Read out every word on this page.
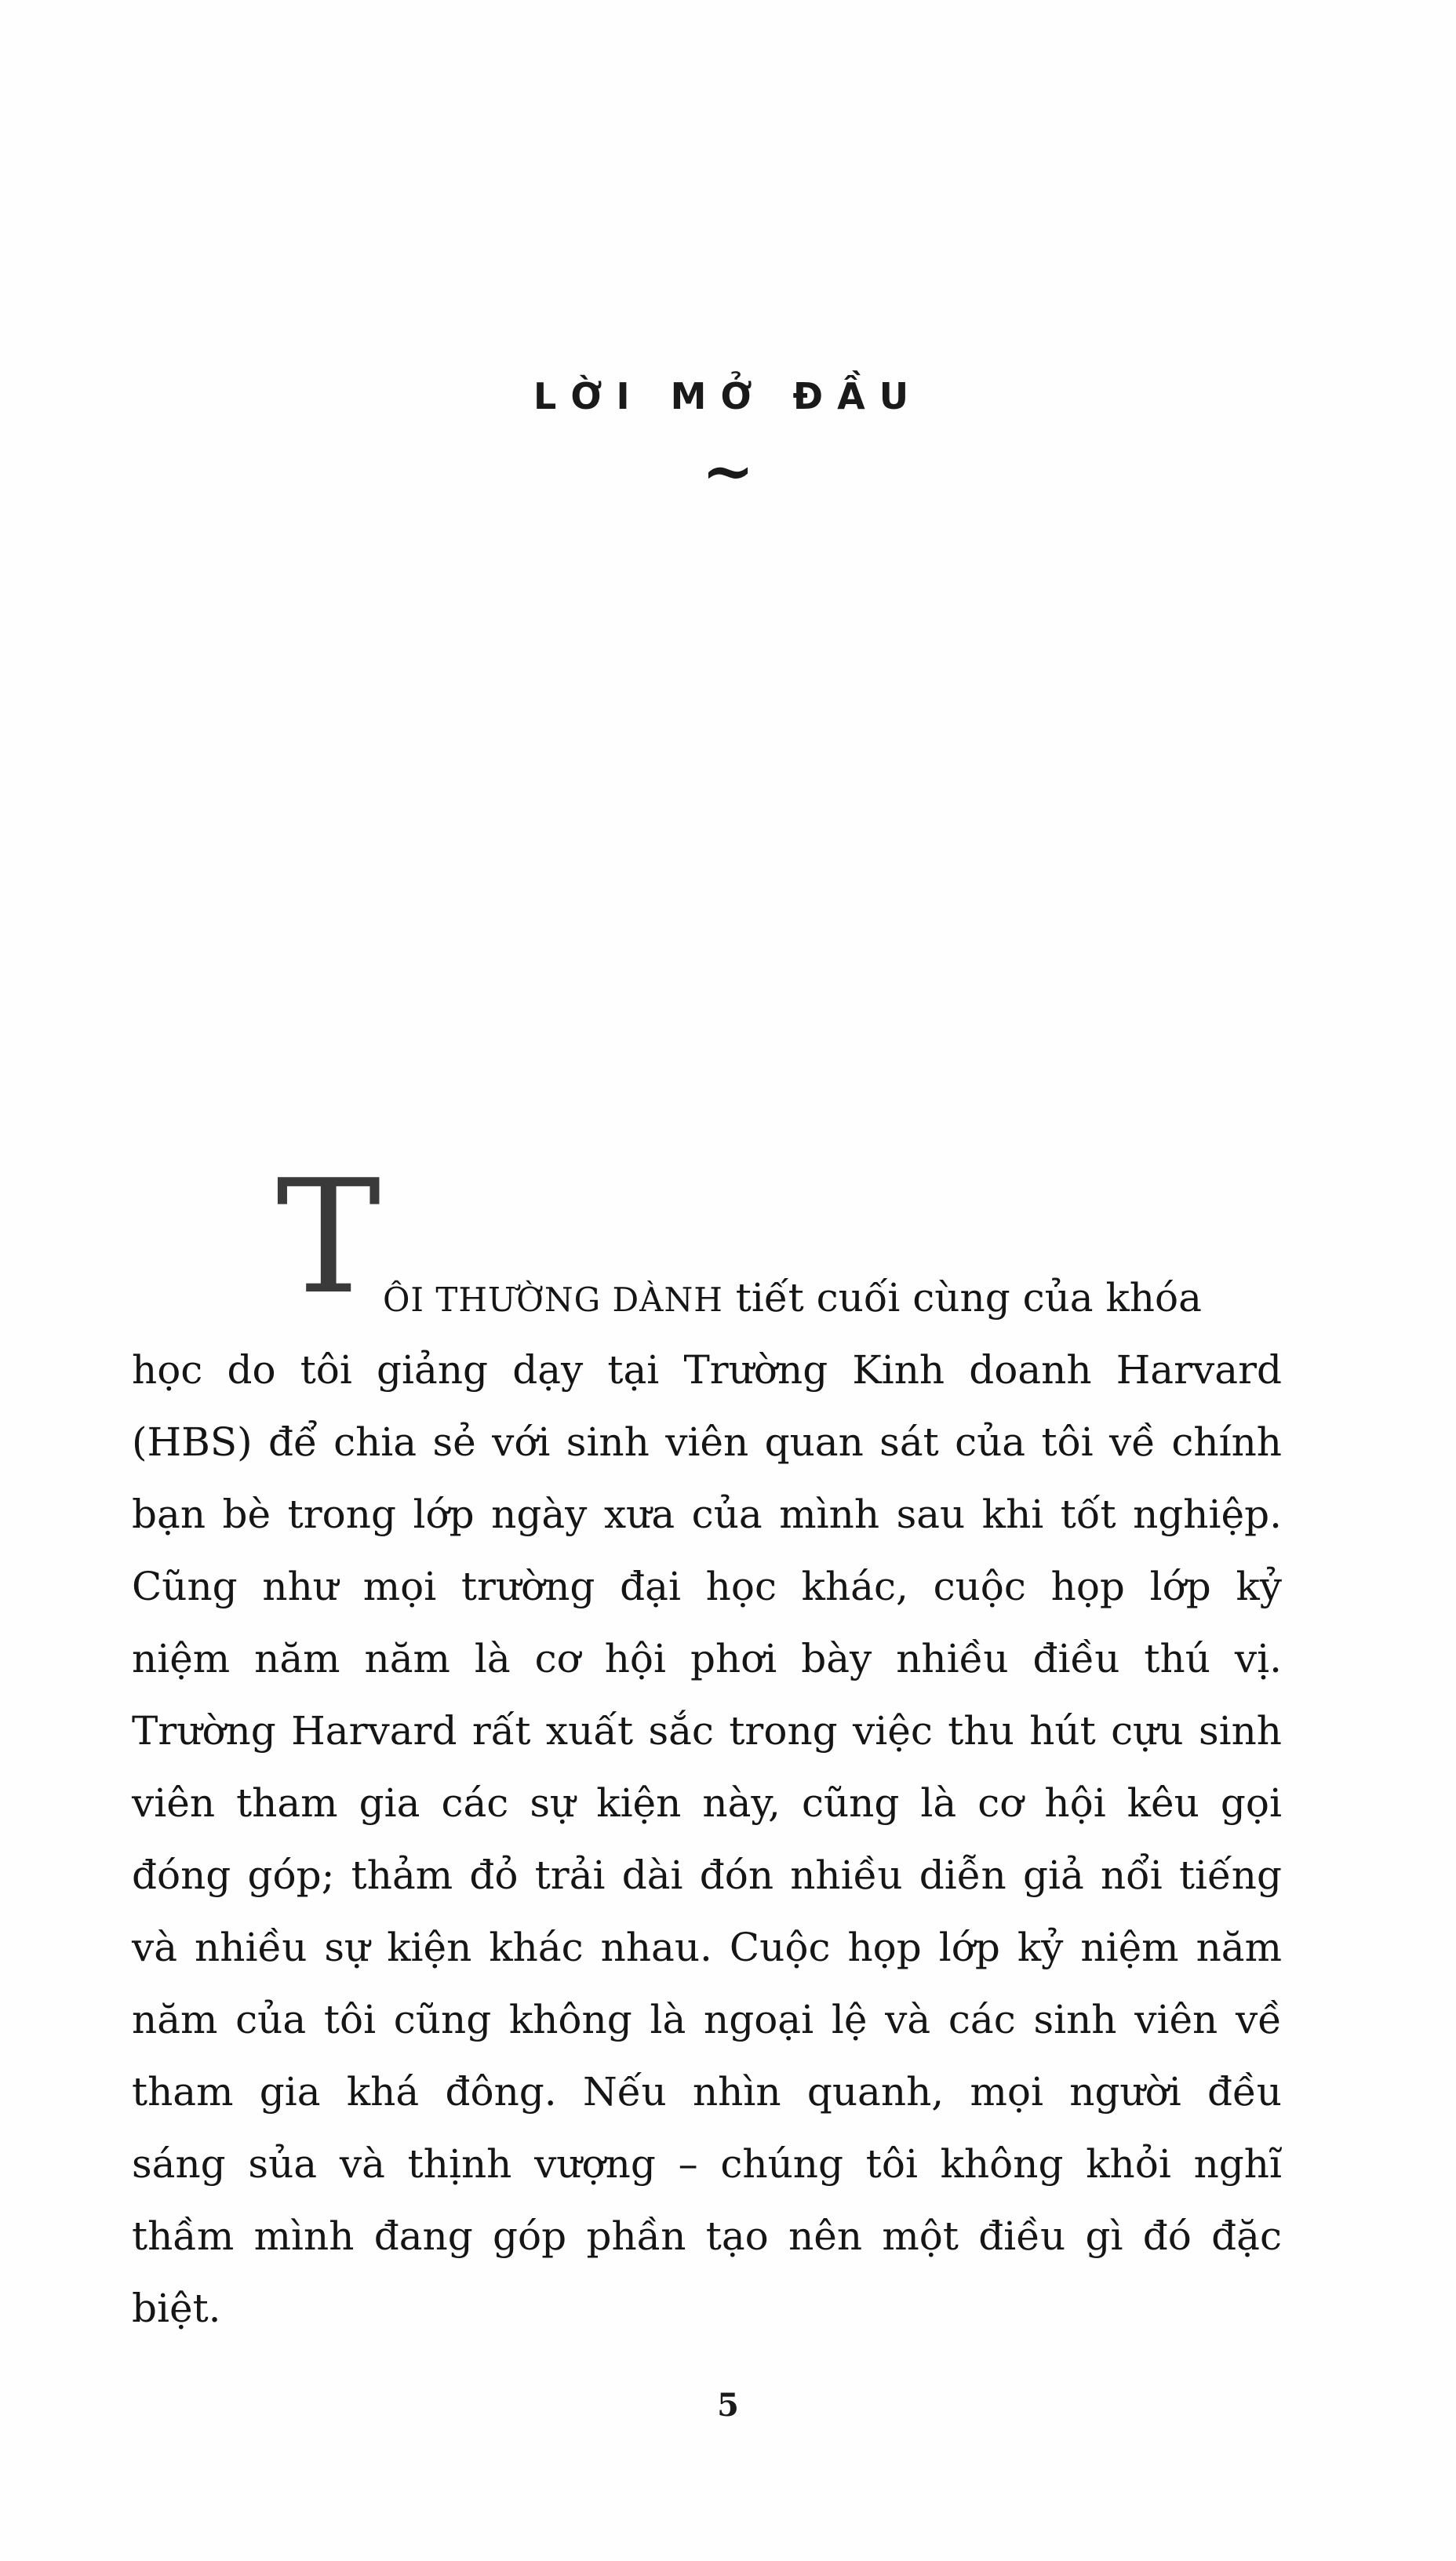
LỜI MỞ ĐẦU
~
T ÔI THƯỜNG DÀNH tiết cuối cùng của khóa
học do tôi giảng dạy tại Trường Kinh doanh Harvard
(HBS) để chia sẻ với sinh viên quan sát của tôi về chính
bạn bè trong lớp ngày xưa của mình sau khi tốt nghiệp.
Cũng như mọi trường đại học khác, cuộc họp lớp kỷ
niệm năm năm là cơ hội phơi bày nhiều điều thú vị.
Trường Harvard rất xuất sắc trong việc thu hút cựu sinh
viên tham gia các sự kiện này, cũng là cơ hội kêu gọi
đóng góp; thảm đỏ trải dài đón nhiều diễn giả nổi tiếng
và nhiều sự kiện khác nhau. Cuộc họp lớp kỷ niệm năm
năm của tôi cũng không là ngoại lệ và các sinh viên về
tham gia khá đông. Nếu nhìn quanh, mọi người đều
sáng sủa và thịnh vượng – chúng tôi không khỏi nghĩ
thầm mình đang góp phần tạo nên một điều gì đó đặc
biệt.
5
